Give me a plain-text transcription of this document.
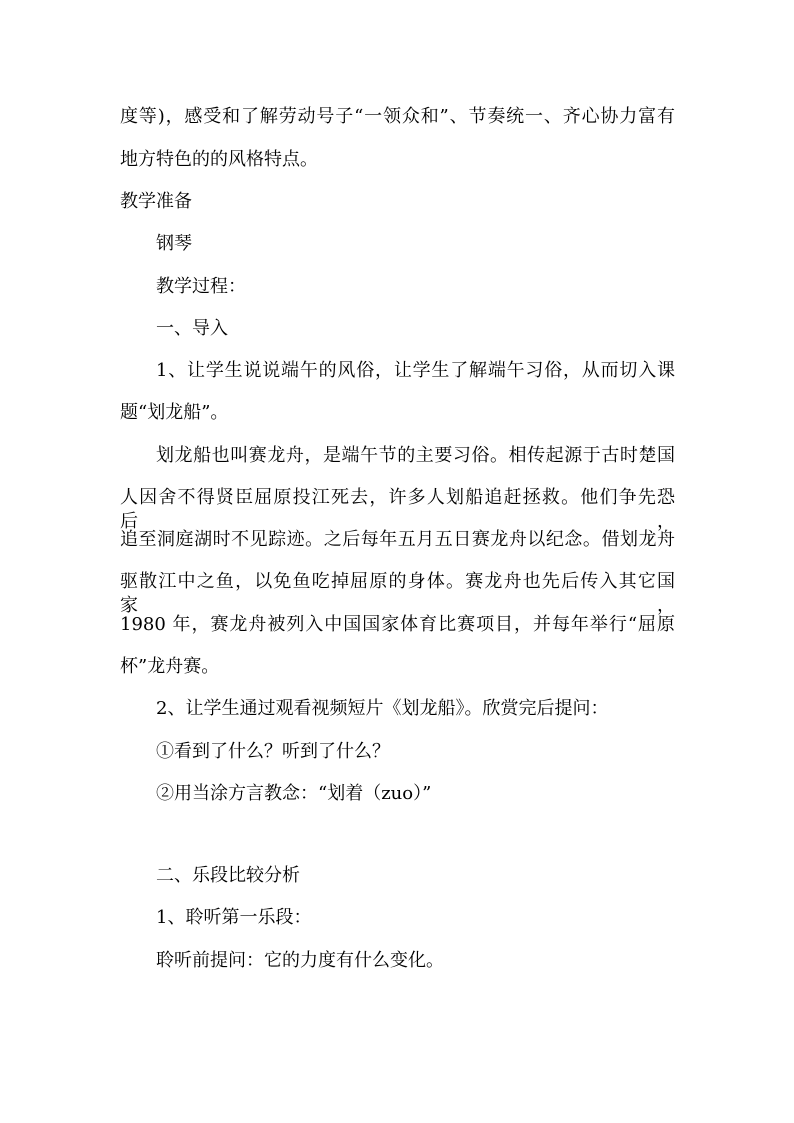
度等)，感受和了解劳动号子“一领众和”、节奏统一、齐心协力富有
地方特色的的风格特点。
教学准备
钢琴
教学过程：
一、导入
1、让学生说说端午的风俗，让学生了解端午习俗，从而切入课
题“划龙船”。
划龙船也叫赛龙舟，是端午节的主要习俗。相传起源于古时楚国
人因舍不得贤臣屈原投江死去，许多人划船追赶拯救。他们争先恐后，
追至洞庭湖时不见踪迹。之后每年五月五日赛龙舟以纪念。借划龙舟
驱散江中之鱼，以免鱼吃掉屈原的身体。赛龙舟也先后传入其它国家，
1980 年，赛龙舟被列入中国国家体育比赛项目，并每年举行“屈原
杯”龙舟赛。
2、让学生通过观看视频短片《划龙船》。欣赏完后提问：
①看到了什么？听到了什么？
②用当涂方言教念：“划着（zuo）”
二、乐段比较分析
1、聆听第一乐段：
聆听前提问：它的力度有什么变化。
